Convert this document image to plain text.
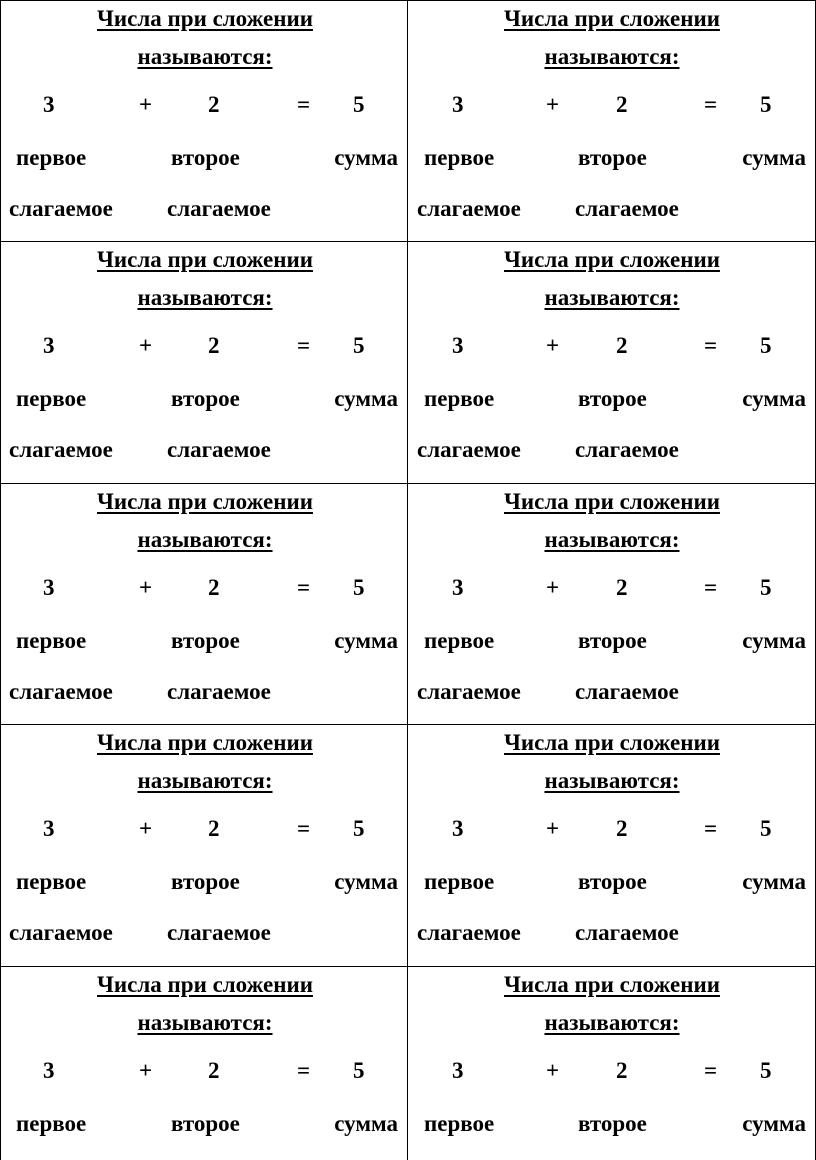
Числа при сложении
называются:
3	+ 2	= 5
первое	второе	сумма
слагаемое слагаемое
Числа при сложении
называются:
3	+ 2	= 5
первое	второе	сумма
слагаемое слагаемое
Числа при сложении
называются:
3	+ 2	= 5
первое	второе	сумма
слагаемое слагаемое
Числа при сложении
называются:
3	+ 2	= 5
первое	второе	сумма
слагаемое слагаемое
Числа при сложении
называются:
3	+ 2	= 5
первое	второе	сумма
слагаемое слагаемое
Числа при сложении
называются:
3	+ 2	= 5
первое	второе	сумма
слагаемое слагаемое
Числа при сложении
называются:
3	+ 2	= 5
первое	второе	сумма
слагаемое слагаемое
Числа при сложении
называются:
3	+ 2	= 5
первое	второе	сумма
слагаемое слагаемое
Числа при сложении
называются:
3	+ 2	= 5
первое	второе	сумма
Числа при сложении
называются:
3	+ 2	= 5
первое	второе	сумма
